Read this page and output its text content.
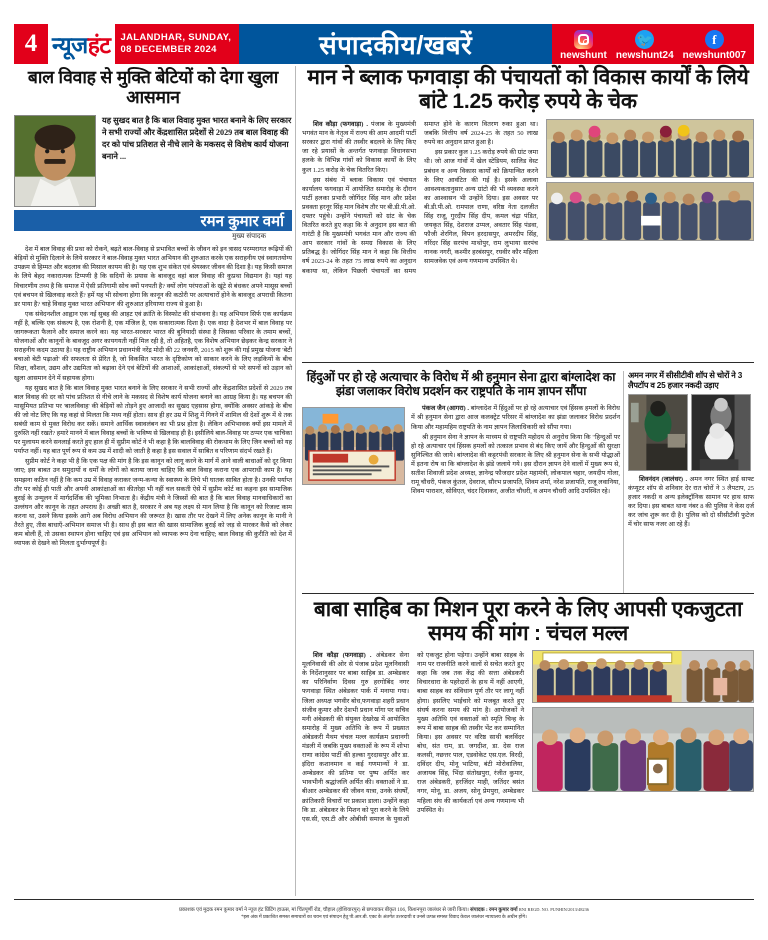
4 न्यूजहंट JALANDHAR, SUNDAY,
08 DECEMBER 2024	संपादकीय/खबरें	newshunt
🐦
newshunt24
f
newshunt007
बाल विवाह से मुक्ति बेटियों को देगा खुला आसमान
यह सुखद बात है कि बाल विवाह मुक्त भारत बनाने के लिए सरकार ने सभी राज्यों और केंद्रशासित प्रदेशों से 2029 तब बाल विवाह की दर को पांच प्रतिशत से नीचे लाने के मकसद से विशेष कार्य योजना बनाने ...
रमन कुमार वर्मा
मुख्य संपादक

देश में बाल विवाह की प्रथा को रोकने, बढ़ते बाल-विवाह से प्रभावित बच्चों के जीवन को इन त्रासद परम्परागत रूढ़ियों की बेड़ियों से मुक्ति दिलाने के लिये सरकार ने बाल-विवाह मुक्त भारत अभियान की शुरुआत करके एक सराहनीय एवं स्वागतयोग्य उपक्रम से हिम्मत और बदलाव की मिसाल कायम की है। यह एक शुभ संकेत एवं श्रेयस्कर जीवन की दिशा है। यह किसी समाज के लिये बेहद नकारात्मक टिप्पणी है कि सदियों के प्रयास के बावजूद वहां बाल विवाह की कुप्रथा विद्यमान है। यहां यह विचारणीय तथ्य है कि समाज में ऐसी प्रतिगामी सोच क्यों पनपती है? क्यों लोग परंपराओं के खूंटे से बंधकर अपने मासूस बच्चों एवं बचपन से खिलवाड़ करते हैं? हमें यह भी सोचना होगा कि कानून की कठोरी पर अत्याचारों होने के बावजूद अपराधी कितना डर पाया है? चाहे विवाह मुक्त भारत अभियान' की शुरुआत हरियाणा राज्य से हुआ है।

एक संवेदनशील आह्वान एक नई सुबह की आहट एवं क्रांति के विस्फोट की संभावना है। यह अभियान सिर्फ एक कार्यक्रम नहीं है, बल्कि एक संकल्प है, एक रोशनी है, एक मंजिल है, एक सकारात्मक दिशा है। एक वादा है देशभर में बाल विवाह पर जागरूकता फैलाने और समाज करने का। यह भारत-सरकार भारत की बुनियादी संस्था है जिसका परिवार के तमाम बच्चों, योजनाओं और कानूनों के बावजूद अगर कायगयती नहीं मिल रही है, तो अहितहै, एक विशेष अभियान छेड़कर केन्द्र सरकार ने सराहनीय कदम उठाया है। यह राष्ट्रीय अभियान प्रधानमंत्री नरेंद्र मोदी की 22 जनवरी, 2015 को शुरू की गई प्रमुख योजना 'बेटी बचाओ बेटी पढ़ाओ' की सफलता से प्रेरित है, जो विकसित भारत के दृष्टिकोण को साकार करने के लिए लड़कियों के बीच शिक्षा, कौशल, उद्यम और उद्यमिता को बढ़ावा देने एवं बेटियों की आशाओं, आकांक्षाओं, संकल्पों से भरे सपनों को उड़ान को खुला आसमान देने में सहायक होगा।

यह सुखद बात है कि बाल विवाह मुक्त भारत बनाने के लिए सरकार ने सभी राज्यों और केंद्रशासित प्रदेशों से 2029 तब बाल विवाह की दर को पांच प्रतिशत से नीचे लाने के मकसद से विशेष कार्य योजना बनाने का आग्रह किया है। यह बचपन की मासूमियत प्रतिभा पर 'बालविवाह' की बेड़ियों को तोड़ने हुए आजादी का सुखद एहसास होगा, क्योंकि अक्सर आंकड़े के बीच की जो नोट लिए कि यह कहां से मिलता कि मध्य नहीं होता। साथ ही हर उम्र में शिशु में गिनने में शामिल थी देशों शुरू में थे तक सबंधी काम से मुक्त विरोध कर सकें। समाने आर्थिक स्वावलंबन का भी प्रश्न होता है। लेकिन अभिभावक क्यों इस मामले में दुरुस्ति नहीं रखते? हमारे मानने में बाल विवाह बच्चों के भविष्य से खिलवाड़ ही है। इसीलिये बाल-विवाह पर ठप्पर एक चाचिका पर मुलायम करने सनलाई करते हुए हाल ही में सुप्रीम कोर्ट ने भी कहा है कि बालविवाह की रोकथाम के लिए जिन बच्चों को यह पर्याप्त नहीं। यह बात पूर्ण रूप से कम उम्र में शादी को जाती है कहा है इस सवाल में साबित व परिणाम संदर्भ रखते हैं।

सुप्रीम कोर्ट ने कहा भी है कि एक पक्ष की मांग है कि इस कानून को लागू करने के मार्ग में आने वाली बाधाओं को दूर किया जाए; इस बाबत उन समुदायों व धर्मों के लोगों को बताया जाना चाहिए कि बाल विवाह कराना एक आपराधी काम है। यह समझना कठिन नहीं है कि कम उम्र में विवाह कराकर जन्म-कन्या के स्वास्थ्य के लिये भी घातक साबित होता है। उनकी पर्याप्त तौर पर कोई ही पाती और अपनी आकांक्षाओं का कीतरेहा भी नहीं चल सकती ऐसे में सुप्रीम कोर्ट का कहना इस सामाजिक बुराई के उन्मूलन में मार्गदर्शिक की भूमिका निभाता है। केंद्रीय मंत्री ने जिस्सों की बात है कि बाल विवाह मानवाधिकारों का उल्लंघन और कानून के तहत अपराध है। अच्छी बात है, सरकार ने अब यह लक्ष्य से मान लिया है कि कानून को रिजल्ट काम करना था, उसने किया इसके आगे अब विरोध अभियान की जरूरत है। खास तौर पर देखने में लिए अनेक कानून के मानी ने तैरते हुए, तीस बाधाएँ-अभिमान समाज भी है। साथ ही इस बात की खास सामाजिक बुराई को जड़ से मारकर कैसे को लेकर कम बोली हैं, तो उसका स्थापन होना चाहिए एवं इस अभियान को व्यापक रूप देना चाहिए; बाल विवाह की कुरीति को देश में व्यापक से देखने को मिलता दुर्भाग्यपूर्ण है।

मान ने ब्लाक फगवाड़ा की पंचायतों को विकास कार्यों के लिये बांटे 1.25 करोड़ रुपये के चेक

शिव कौड़ा (फगवाड़ा) . पंजाब के मुख्यमंत्री भगवंत मान के नेतृत्व में राज्य की आम आदमी पार्टी सरकार द्वारा गांवों की तस्वीर बदलने के लिए किए जा रहे प्रयासों के अन्तर्गत फगवाड़ा विधानसभा हलके के विभिन्न गांवों को विकास कार्यों के लिए कुल 1.25 करोड़ के चेक वितरित किए।

इस संबंध में ब्लाक विकास एवं पंचायत कार्यालय फगवाड़ा में आयोजित समारोह के दौरान पार्टी हलका प्रभारी जोगिंदर सिंह मान और प्रदेश प्रवक्ता हरनूर सिंह मान विशेष तौर पर बी.डी.पी.ओ. दफ्तर पहुंचे। उन्होंने पंचायतों को ग्रांट के चेक वितरित करते हुए कहा कि ये अनुदान इस बात की गारंटी है कि मुख्यमंत्री भगवंत मान और राज्य की आप सरकार गांवों के समग्र विकास के लिए प्रतिबद्ध है। जोगिंदर सिंह मान ने कहा कि वित्तीय वर्ष 2023-24 के तहत 75 लाख रुपये का अनुदान बकाया था, लेकिन पिछली पंचायतों का समय समाप्त होने के कारण वितरण रुका हुआ था। जबकि वित्तीय वर्ष 2024-25 के तहत 50 लाख रुपये का अनुदान प्राप्त हुआ है।

इस प्रकार कुल 1.25 करोड़ रुपये की ग्रांट जमा थी। जो आज गांवों में खेल स्टेडियम, सालिड वेस्ट प्रबंधन व अन्य विकास कार्यों को क्रियान्वित करने के लिए आवंटित की गई है। इसके अलावा आवश्यकतानुसार अन्य ग्रांटो की भी व्यवस्था करने का आश्वासन भी उन्होंने दिया। इस अवसर पर बी.डी.पी.ओ. रामपाल राणा, वरिष्ठ नेता दलजीत सिंह राजू, गुरदीप सिंह दीप, कमल चंद्रा पंडित, जयकृत सिंह, देशराज उप्पल, अवतार सिंह पंडवा, फौजी शेरगिल, विपन हरदासपुर, अमरदीप सिंह, नरिंदर सिंह सरपंच माथोपुर, राम लुभाया सरपंच नानक नगरी, कश्मीर हरबंसपुर, रघवीर कौर महिला सामजवेक एवं अन्य गणमान्य उपस्थित थे।

हिंदुओं पर हो रहे अत्याचार के विरोध में श्री हनुमान सेना द्वारा बांग्लादेश का झंडा जलाकर विरोध प्रदर्शन कर राष्ट्रपति के नाम ज्ञापन सौंपा

पंकज जैन (आगरा) . बांग्लादेश में हिंदुओं पर हो रहे अत्याचार एवं हिंसक हमलों के विरोध में श्री हनुमान सेना द्वारा आज कलक्ट्रेट परिसर में बांग्लादेश का झंडा जलाकर विरोध प्रदर्शन किया और महामहिम राष्ट्रपति के नाम ज्ञापन जिलाधिकारी को सौंपा गया।

श्री हनुमान सेना ने ज्ञापन के माध्यम से राष्ट्रपति महोदय से अनुरोध किया कि "हिन्दुओं पर हो रहे अत्याचार एवं हिंसक हमलों को तत्काल प्रभाव से बंद किए जायें और हिन्दुओं की सुरक्षा सुनिश्चित की जाये। बांग्लादेश की कट्टरपंथी सरकार के लिए श्री हनुमान सेना के सभी योद्धाओं में इतना रोष था कि बांग्लादेश के झंडे जलाये गये। इस दौरान ज्ञापन देने वालों में मुख्य रूप से, सतीश शिवाजी प्रदेश अध्यक्ष, ज्ञानेन्द्र फौजदार प्रदेश महामंत्री, लोकपाल चहार, जयदीप गोला, रामू चौधरी, पंकज कुंतल, देवराज, सौरभ प्रजापति, शिवम शर्मा, नरेश प्रजापति, राजू लवानिया, शिवम पाराशर, सोविएत, चंदर दिवाकर, अजीत चौधरी, व अमन चौधरी आदि उपस्थित रहे।

अमन नगर में सीसीटीवी शॉप से चोरों ने 3 लैपटॉप व 25 हजार नकदी उड़ाए

शिवनंदन (जालंधर) . अमन नगर स्थित हाई साफ्ट कंप्यूटर शॉप से शनिवार देर रात चोरों ने 3 लैपटाप, 25 हजार नकदी व अन्य इलेक्ट्रॉनिक सामान पर हाथ साफ कर दिया। इस बाबत थाना नंबर 8 की पुलिस ने केस दर्ज कर जांच शुरू कर दी है। पुलिस को दो सीसीटीवी फुटेज में चोर साफ नजर आ रहे हैं।

बाबा साहिब का मिशन पूरा करने के लिए आपसी एकजुटता समय की मांग : चंचल मल्ल

शिव कौड़ा (फगवाड़ा) . अंबेडकर सेना मूलनिवासी की ओर से पंजाब प्रदेश मूलनिवासी के निर्देशानुसार पर बाबा साहिब डा. अम्बेडकर का परिनिर्वाण दिवस गुरु हरगोबिंद नगर फगवाड़ा स्थित अंबेडकर पार्क में मनाया गया। जिला अध्यक्ष भगवीर बोध,फगवाड़ा शहरी प्रधान संजीव कुमार और देशभी प्रधान माँगा पर सचिव मनी अंबेडकरी की संयुक्त देखरेख में आयोजित समारोह में मुख्य अतिथि के रूप में प्रख्यात अंबेडकरी मैथम चंचल मल्ल कार्यक्रम प्रधानगी मंडली में जबकि मुख्य वक्ताओं के रूप में शोभा राणा कांग्रेस पार्टी की हल्का गुरदासपुर और डा. इंदिरा कशानमान व कई गणमान्यों ने डा. अम्बेडकर की प्रतिमा पर पुष्प अर्पित कर भावभीनी श्रद्धांजलि अर्पित की। वक्ताओं ने डा. बीआर अम्बेडकर की जीवन यात्रा, उनके संघर्षों, क्रांतिकारी विचारों पर प्रकाश डाला। उन्होंने कहा कि डा. अंबेडकर के मिशन को पूरा करने के लिये एस.सी, एस.टी और ओबीसी समाज के युवाओं को एकजुट होना पड़ेगा। उन्होंने बाबा साहब के नाम पर राजनीति करने वालों से सचेत करते हुए कहा कि जब तक केंद्र की सत्ता अंबेडकरी विचारधारा के पहरेदारों के हाथ में नहीं आएगी, बाबा साहब का संविधान पूर्ण तौर पर लागू नहीं होगा। इसलिए भाईचारे को मजबूत करते हुए संघर्ष करना समय की मांग है। आयोजकों ने मुख्य अतिथि एवं वक्ताओं को स्मृति चिन्ह के रूप में बाबा साहब की तस्वीर भेंट कर सम्मानित किया। इस अवसर पर वरिष्ठ साथी बलविंदर बोध, संत राम, डा. जगदीश, डा. देस राज कलसी, नछत्तर पाल, एडवोकेट एस.एल. विरदी, दविंदर दीप, मोनू भाटिया, बंटी मोरोवालिया, अजायब सिंह, भिंदा संतोखपुरा, रंजीत कुमार, राज अंबेडकरी, हरजिंदर माही, जतिंदर बसंत नगर, मोनू, डा. अजय, सोनू प्रेमपुरा, अम्बेडकर महिला संघ की कार्यकर्ता एवं अन्य गणमान्य भी उपस्थित थे।

प्रकाशक एवं मुद्रक रमन कुमार वर्मा ने न्यूज हंट प्रिंटिंग हाऊस, मां चिंतपूर्णी रोड, चौहाल (होशियारपुर) से छपवाकर बीकृत 106, किशनपुरा जालंधर से जारी किया। संपादक : रमन कुमार वर्मा RNI REGD. NO. PUNHIN/2013/48236
*इस अंक में प्रकाशित समस्त समाचारों का चयन एवं संपादन हेतु पी.आर.बी. एक्ट के अंतर्गत उत्तरदायी व उनसे उत्पन्न समस्त विवाद केवल जालंधर न्यायालय के अधीन होंगे।
